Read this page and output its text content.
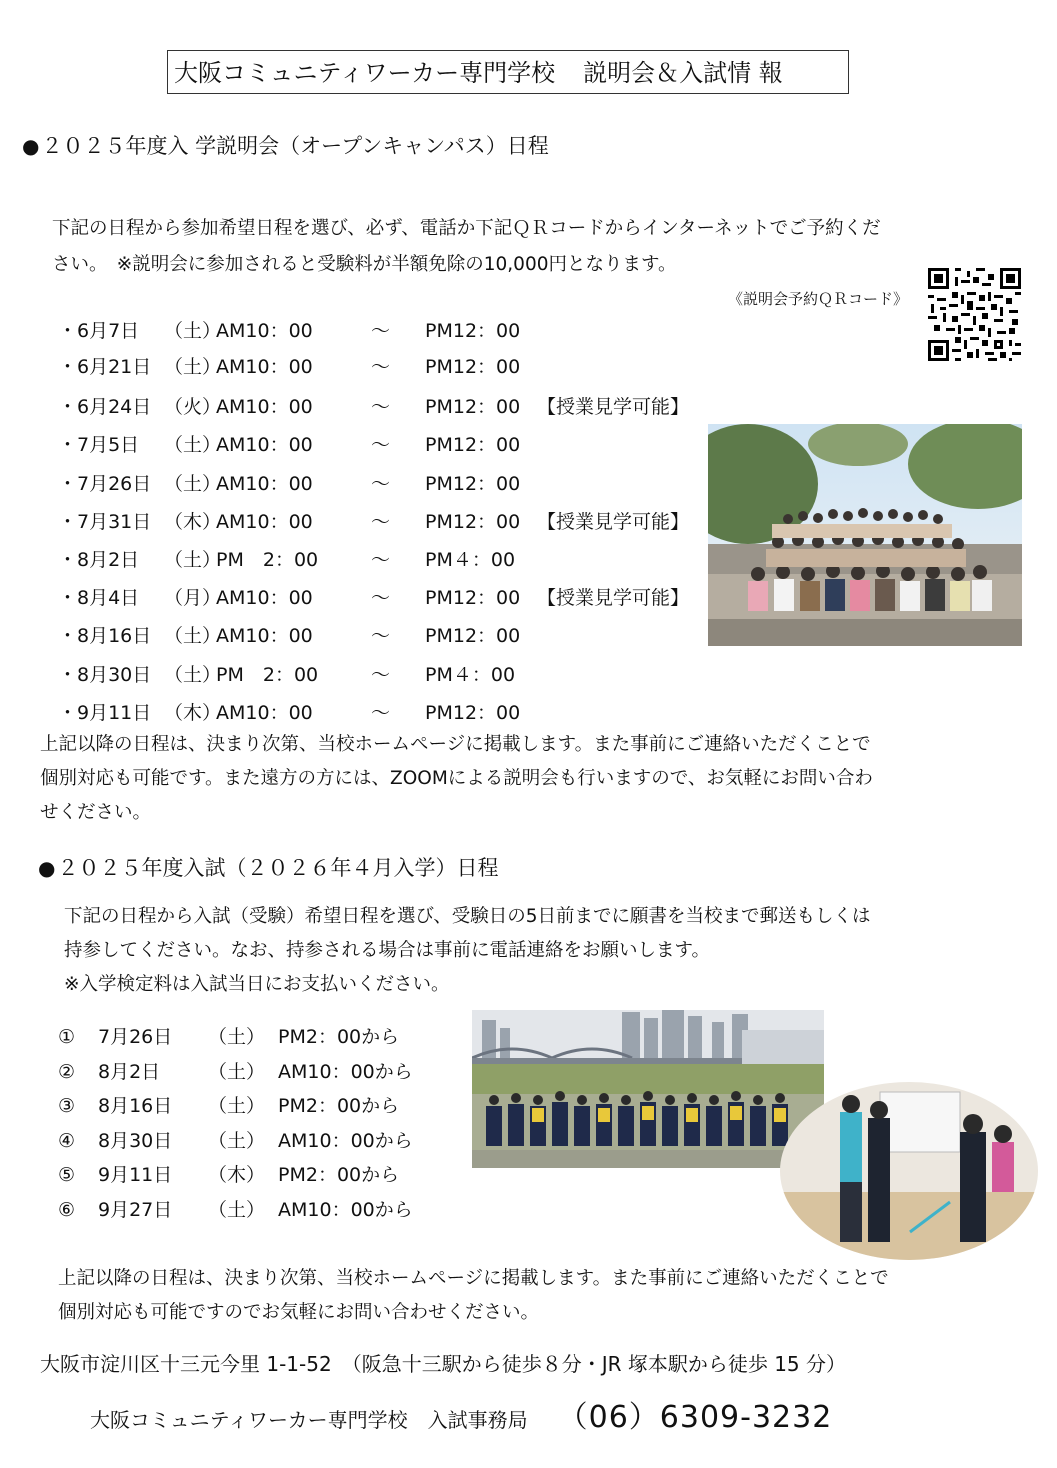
大阪コミュニティワーカー専門学校 説明会＆入試情 報
●２０２５年度入 学説明会（オープンキャンパス）日程
下記の日程から参加希望日程を選び、必ず、電話か下記ＱＲコードからインターネットでご予約くだ
さい。　※説明会に参加されると受験料が半額免除の10,000円となります。
《説明会予約ＱＲコード》
・6月7日 （土）AM10：00	～ PM12：00
・6月21日 （土）AM10：00	～ PM12：00
・6月24日 （火）AM10：00	～ PM12：00 【授業見学可能】
・7月5日 （土）AM10：00	～ PM12：00
・7月26日 （土）AM10：00	～ PM12：00
・7月31日 （木）AM10：00	～ PM12：00 【授業見学可能】
・8月2日 （土）PM　2：00	～ PM４：00
・8月4日 （月）AM10：00	～ PM12：00 【授業見学可能】
・8月16日 （土）AM10：00	～ PM12：00
・8月30日 （土）PM　2：00	～ PM４：00
・9月11日 （木）AM10：00	～ PM12：00
上記以降の日程は、決まり次第、当校ホームページに掲載します。また事前にご連絡いただくことで
個別対応も可能です。また遠方の方には、ZOOMによる説明会も行いますので、お気軽にお問い合わ
せください。
●２０２５年度入試（２０２６年４月入学）日程
下記の日程から入試（受験）希望日程を選び、受験日の5日前までに願書を当校まで郵送もしくは
持参してください。なお、持参される場合は事前に電話連絡をお願いします。
※入学検定料は入試当日にお支払いください。
① 7月26日 （土） PM2：00から
② 8月2日	（土） AM10：00から
③ 8月16日 （土） PM2：00から
④ 8月30日 （土） AM10：00から
⑤ 9月11日 （木） PM2：00から
⑥ 9月27日 （土） AM10：00から
上記以降の日程は、決まり次第、当校ホームページに掲載します。また事前にご連絡いただくことで
個別対応も可能ですのでお気軽にお問い合わせください。
大阪市淀川区十三元今里 1-1-52　（阪急十三駅から徒歩８分・JR 塚本駅から徒歩 15 分）
大阪コミュニティワーカー専門学校　入試事務局 （06）6309-3232
